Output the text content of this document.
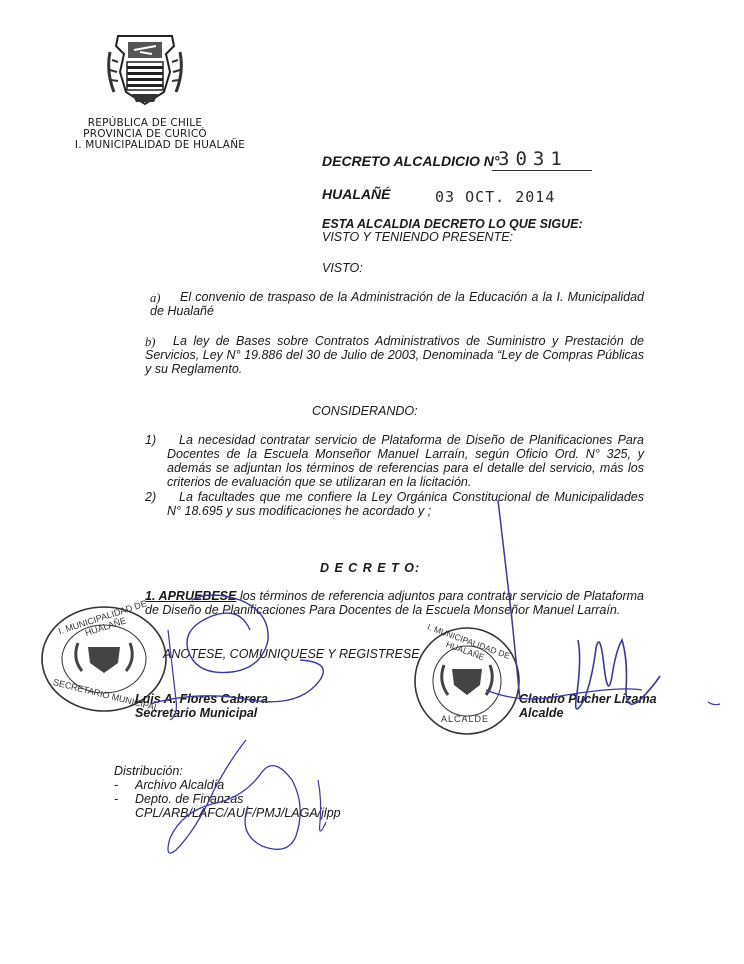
REPÚBLICA DE CHILE
PROVINCIA DE CURICÓ
I. MUNICIPALIDAD DE HUALAÑE
DECRETO ALCALDICIO N°
3031
HUALAÑÉ	03 OCT. 2014
ESTA ALCALDIA DECRETO LO QUE SIGUE:
VISTO Y TENIENDO PRESENTE:
VISTO:
a)	El convenio de traspaso de la Administración de la Educación a la I. Municipalidad de Hualañé
b)	La ley de Bases sobre Contratos Administrativos de Suministro y Prestación de Servicios, Ley N° 19.886 del 30 de Julio de 2003, Denominada “Ley de Compras Públicas y su Reglamento.
CONSIDERANDO:
1)	La necesidad contratar servicio de Plataforma de Diseño de Planificaciones Para Docentes de la Escuela Monseñor Manuel Larraín, según Oficio Ord. N° 325, y además se adjuntan los términos de referencias para el detalle del servicio, más los criterios de evaluación que se utilizaran en la licitación.
2)	La facultades que me confiere la Ley Orgánica Constitucional de Municipalidades N° 18.695 y sus modificaciones he acordado y ;
D E C R E T O:
1. APRUEBESE los términos de referencia adjuntos para contratar servicio de Plataforma de Diseño de Planificaciones Para Docentes de la Escuela Monseñor Manuel Larraín.
ANOTESE, COMUNIQUESE Y REGISTRESE
I. MUNICIPALIDAD DE HUALAÑE
SECRETARIO MUNICIPAL
I. MUNICIPALIDAD DE HUALAÑE
ALCALDE
Luis A. Flores Cabrera
Secretario Municipal
Claudio Pucher Lizama
Alcalde
Distribución:
- Archivo Alcaldía
- Depto. de Finanzas
CPL/ARB/LAFC/AUF/PMJ/LAGA/jlpp
